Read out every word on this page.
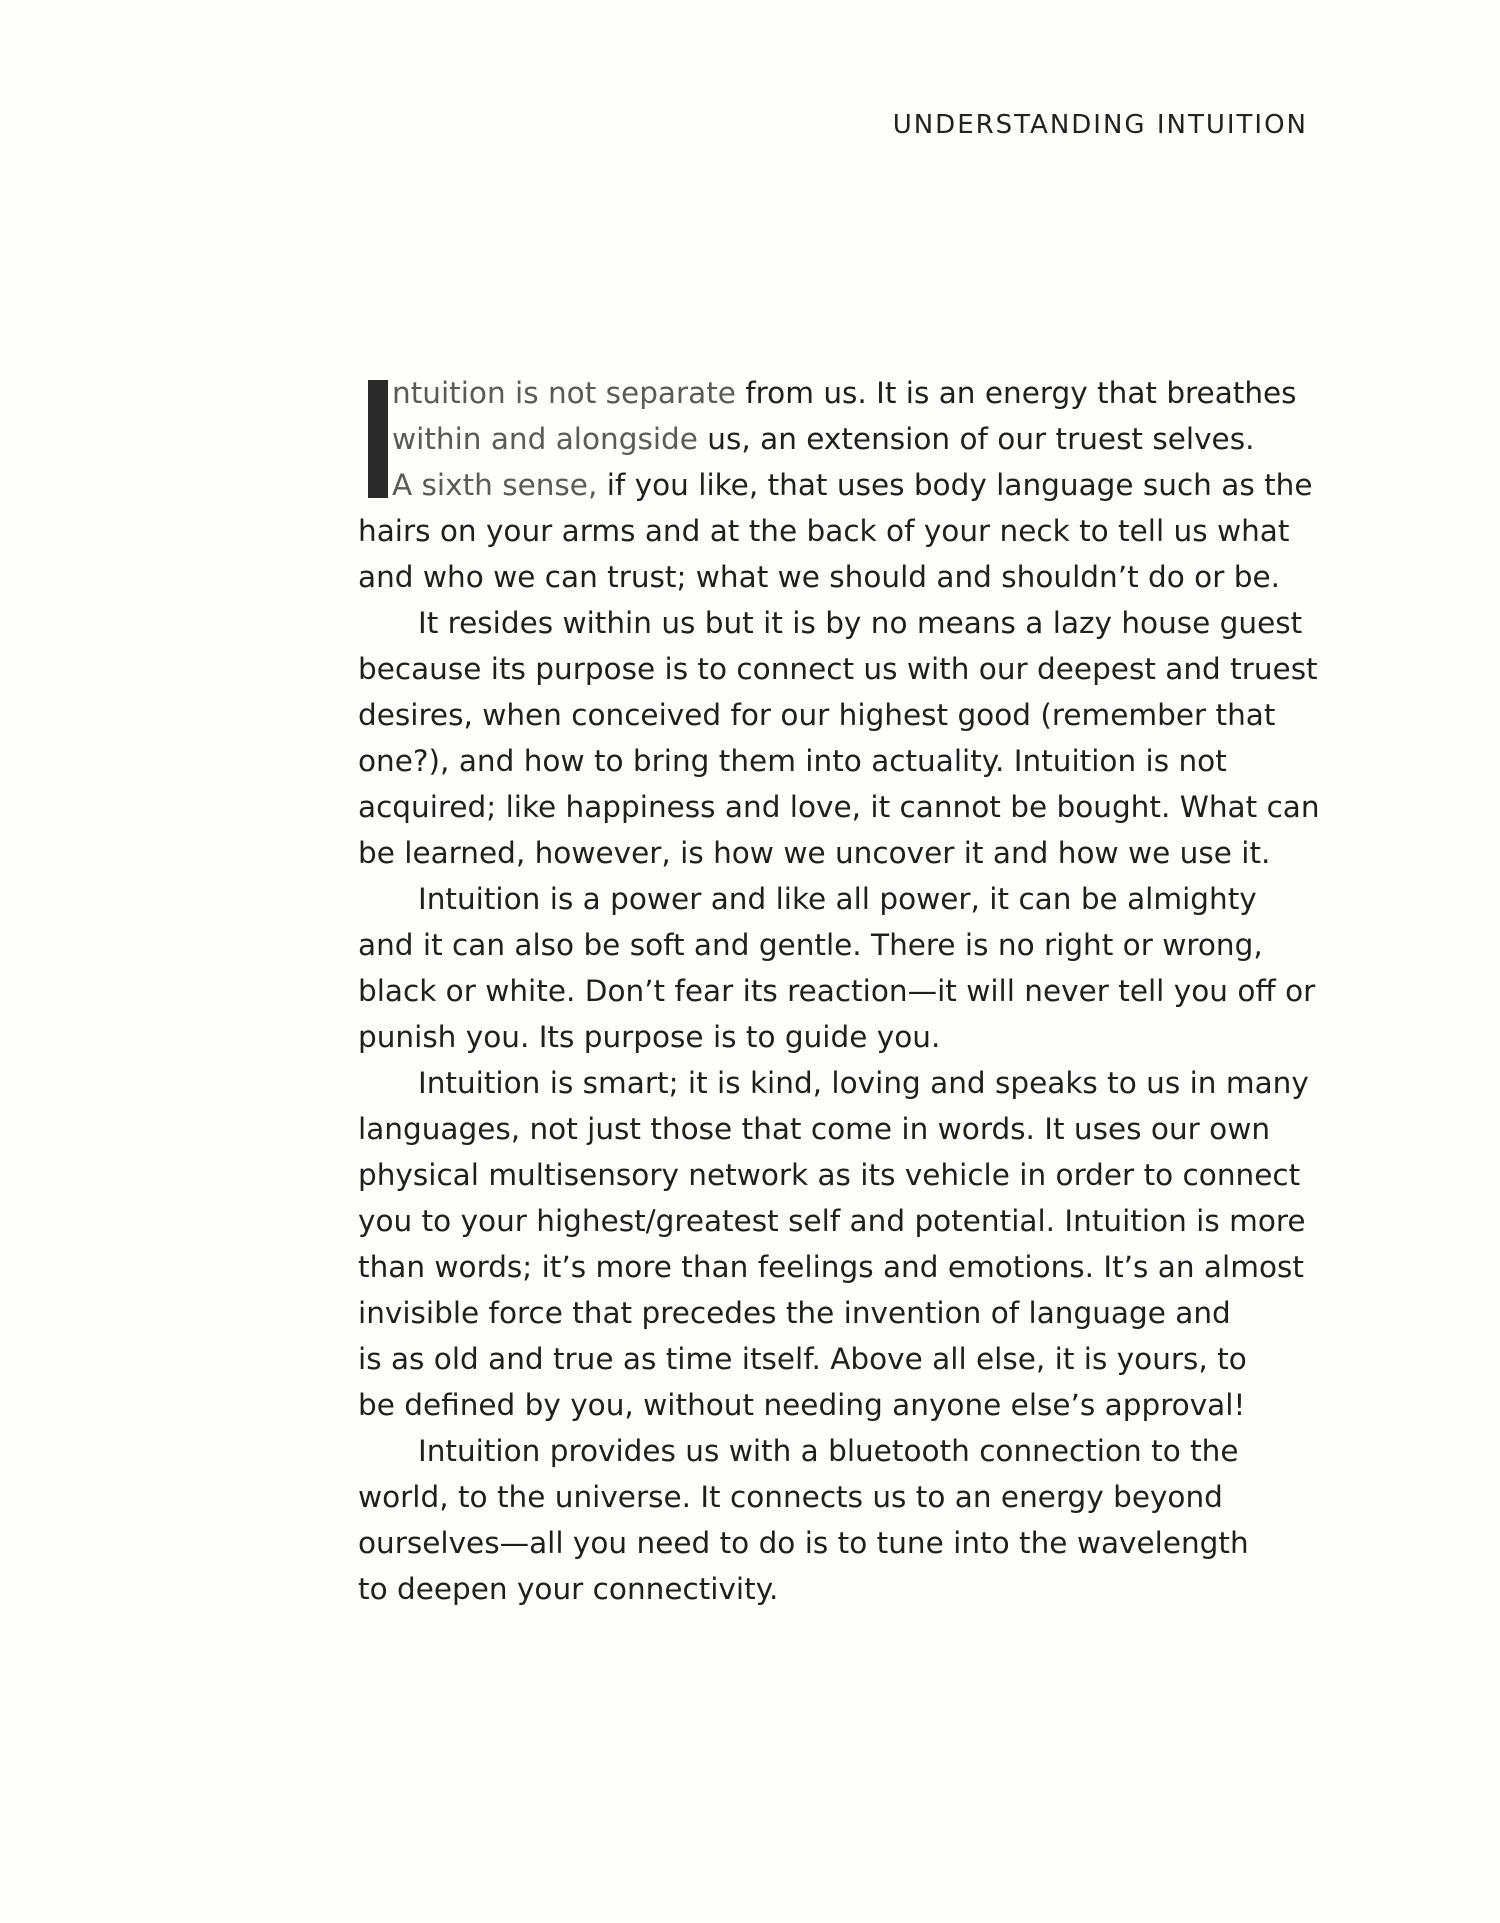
UNDERSTANDING INTUITION
ntuition is not separate from us. It is an energy that breathes
within and alongside us, an extension of our truest selves.
A sixth sense, if you like, that uses body language such as the
hairs on your arms and at the back of your neck to tell us what
and who we can trust; what we should and shouldn’t do or be.
It resides within us but it is by no means a lazy house guest
because its purpose is to connect us with our deepest and truest
desires, when conceived for our highest good (remember that
one?), and how to bring them into actuality. Intuition is not
acquired; like happiness and love, it cannot be bought. What can
be learned, however, is how we uncover it and how we use it.
Intuition is a power and like all power, it can be almighty
and it can also be soft and gentle. There is no right or wrong,
black or white. Don’t fear its reaction—it will never tell you off or
punish you. Its purpose is to guide you.
Intuition is smart; it is kind, loving and speaks to us in many
languages, not just those that come in words. It uses our own
physical multisensory network as its vehicle in order to connect
you to your highest/greatest self and potential. Intuition is more
than words; it’s more than feelings and emotions. It’s an almost
invisible force that precedes the invention of language and
is as old and true as time itself. Above all else, it is yours, to
be defined by you, without needing anyone else’s approval!
Intuition provides us with a bluetooth connection to the
world, to the universe. It connects us to an energy beyond
ourselves—all you need to do is to tune into the wavelength
to deepen your connectivity.
